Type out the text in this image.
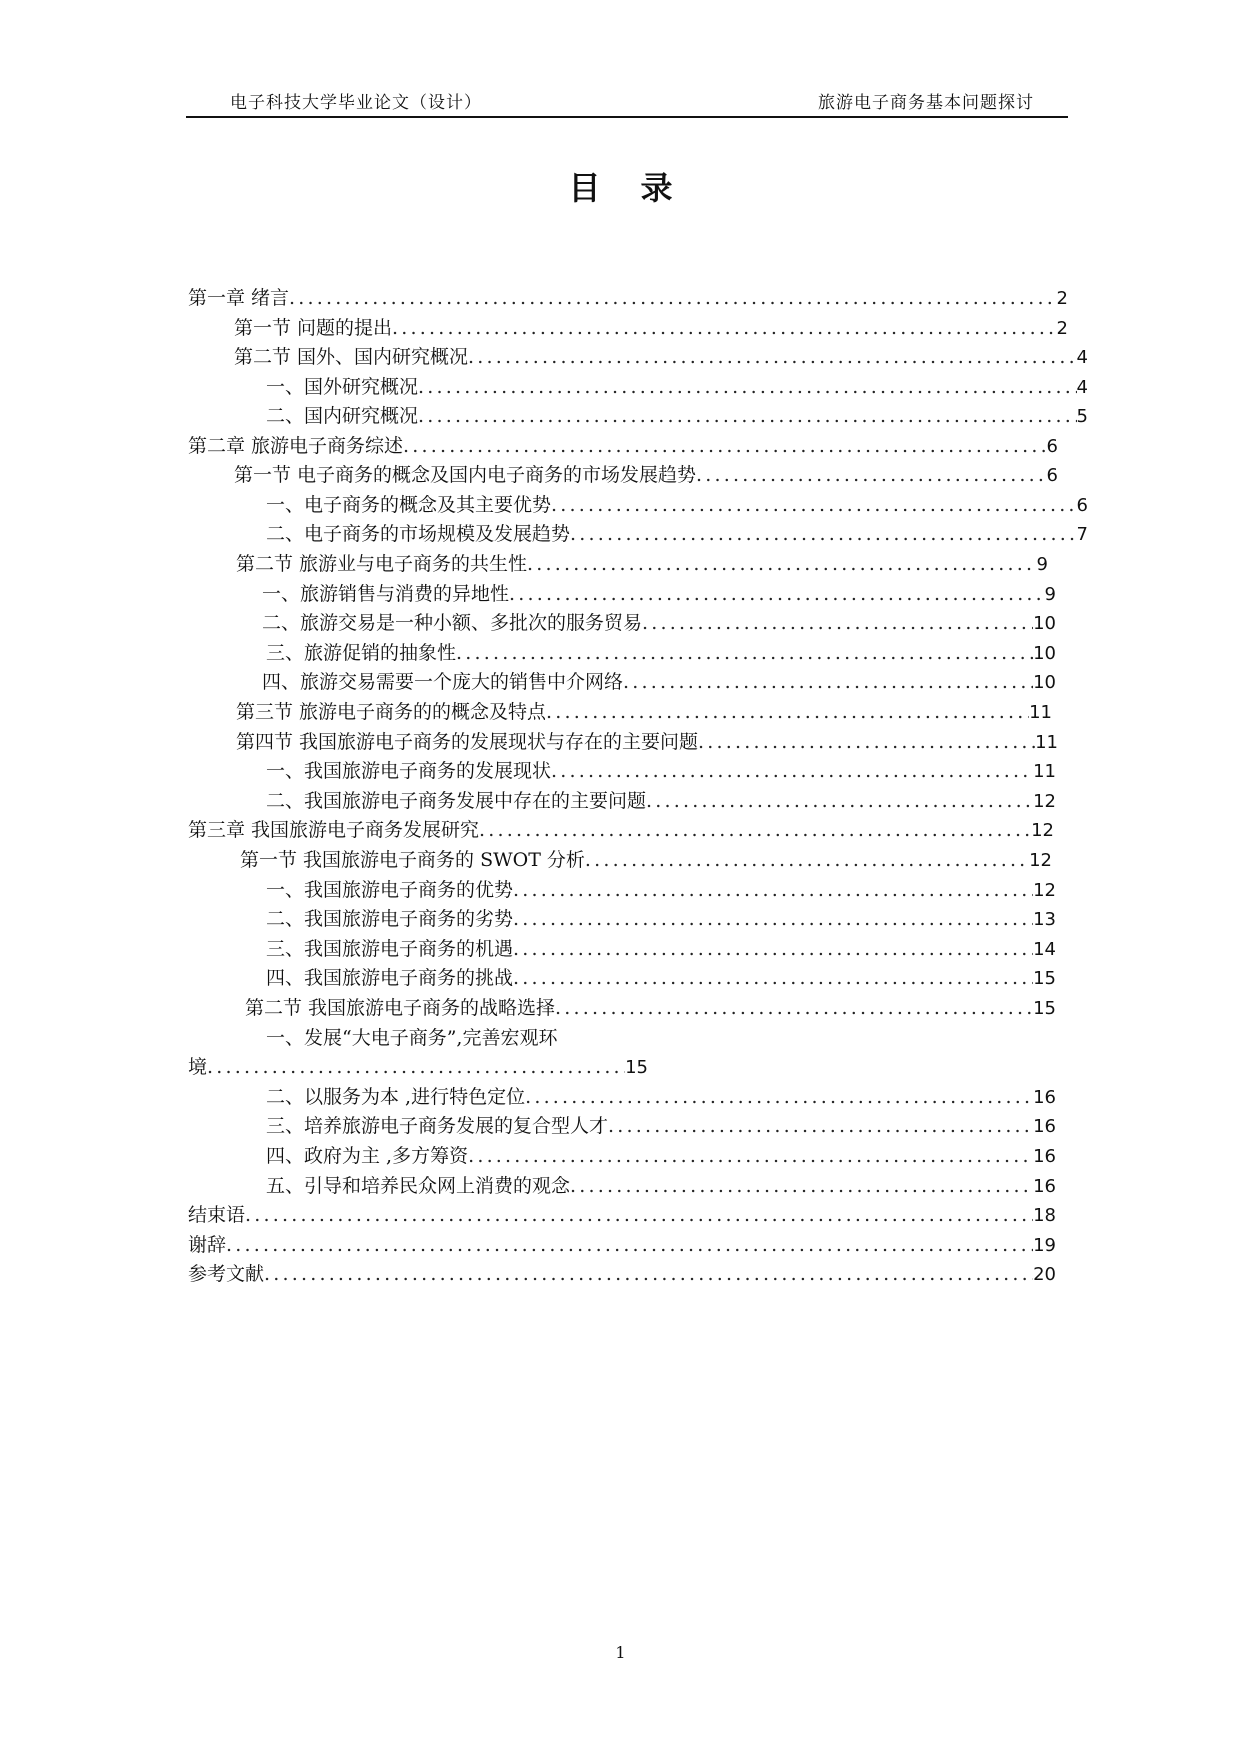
电子科技大学毕业论文（设计）	旅游电子商务基本问题探讨
目录
第一章 绪言 .....	2
第一节 问题的提出 .....	2
第二节 国外、国内研究概况 .....	4
一、国外研究概况 .....	4
二、国内研究概况 .....	5
第二章 旅游电子商务综述 .....	6
第一节 电子商务的概念及国内电子商务的市场发展趋势 .....	6
一、电子商务的概念及其主要优势 .....	6
二、电子商务的市场规模及发展趋势 .....	7
第二节 旅游业与电子商务的共生性 .....	9
一、旅游销售与消费的异地性 .....	9
二、旅游交易是一种小额、多批次的服务贸易 .....	10
三、旅游促销的抽象性 .....	10
四、旅游交易需要一个庞大的销售中介网络 .....	10
第三节 旅游电子商务的的概念及特点 .....	11
第四节 我国旅游电子商务的发展现状与存在的主要问题 .....	11
一、我国旅游电子商务的发展现状 .....	11
二、我国旅游电子商务发展中存在的主要问题 .....	12
第三章 我国旅游电子商务发展研究 .....	12
第一节 我国旅游电子商务的 SWOT 分析 .....	12
一、我国旅游电子商务的优势 .....	12
二、我国旅游电子商务的劣势 .....	13
三、我国旅游电子商务的机遇 .....	14
四、我国旅游电子商务的挑战 .....	15
第二节 我国旅游电子商务的战略选择 .....	15
一、发展“大电子商务”,完善宏观环
境 .....	15
二、以服务为本 ,进行特色定位 .....	16
三、培养旅游电子商务发展的复合型人才 .....	16
四、政府为主 ,多方筹资 .....	16
五、引导和培养民众网上消费的观念 .....	16
结束语 .....	18
谢辞 .....	19
参考文献 .....	20
1
